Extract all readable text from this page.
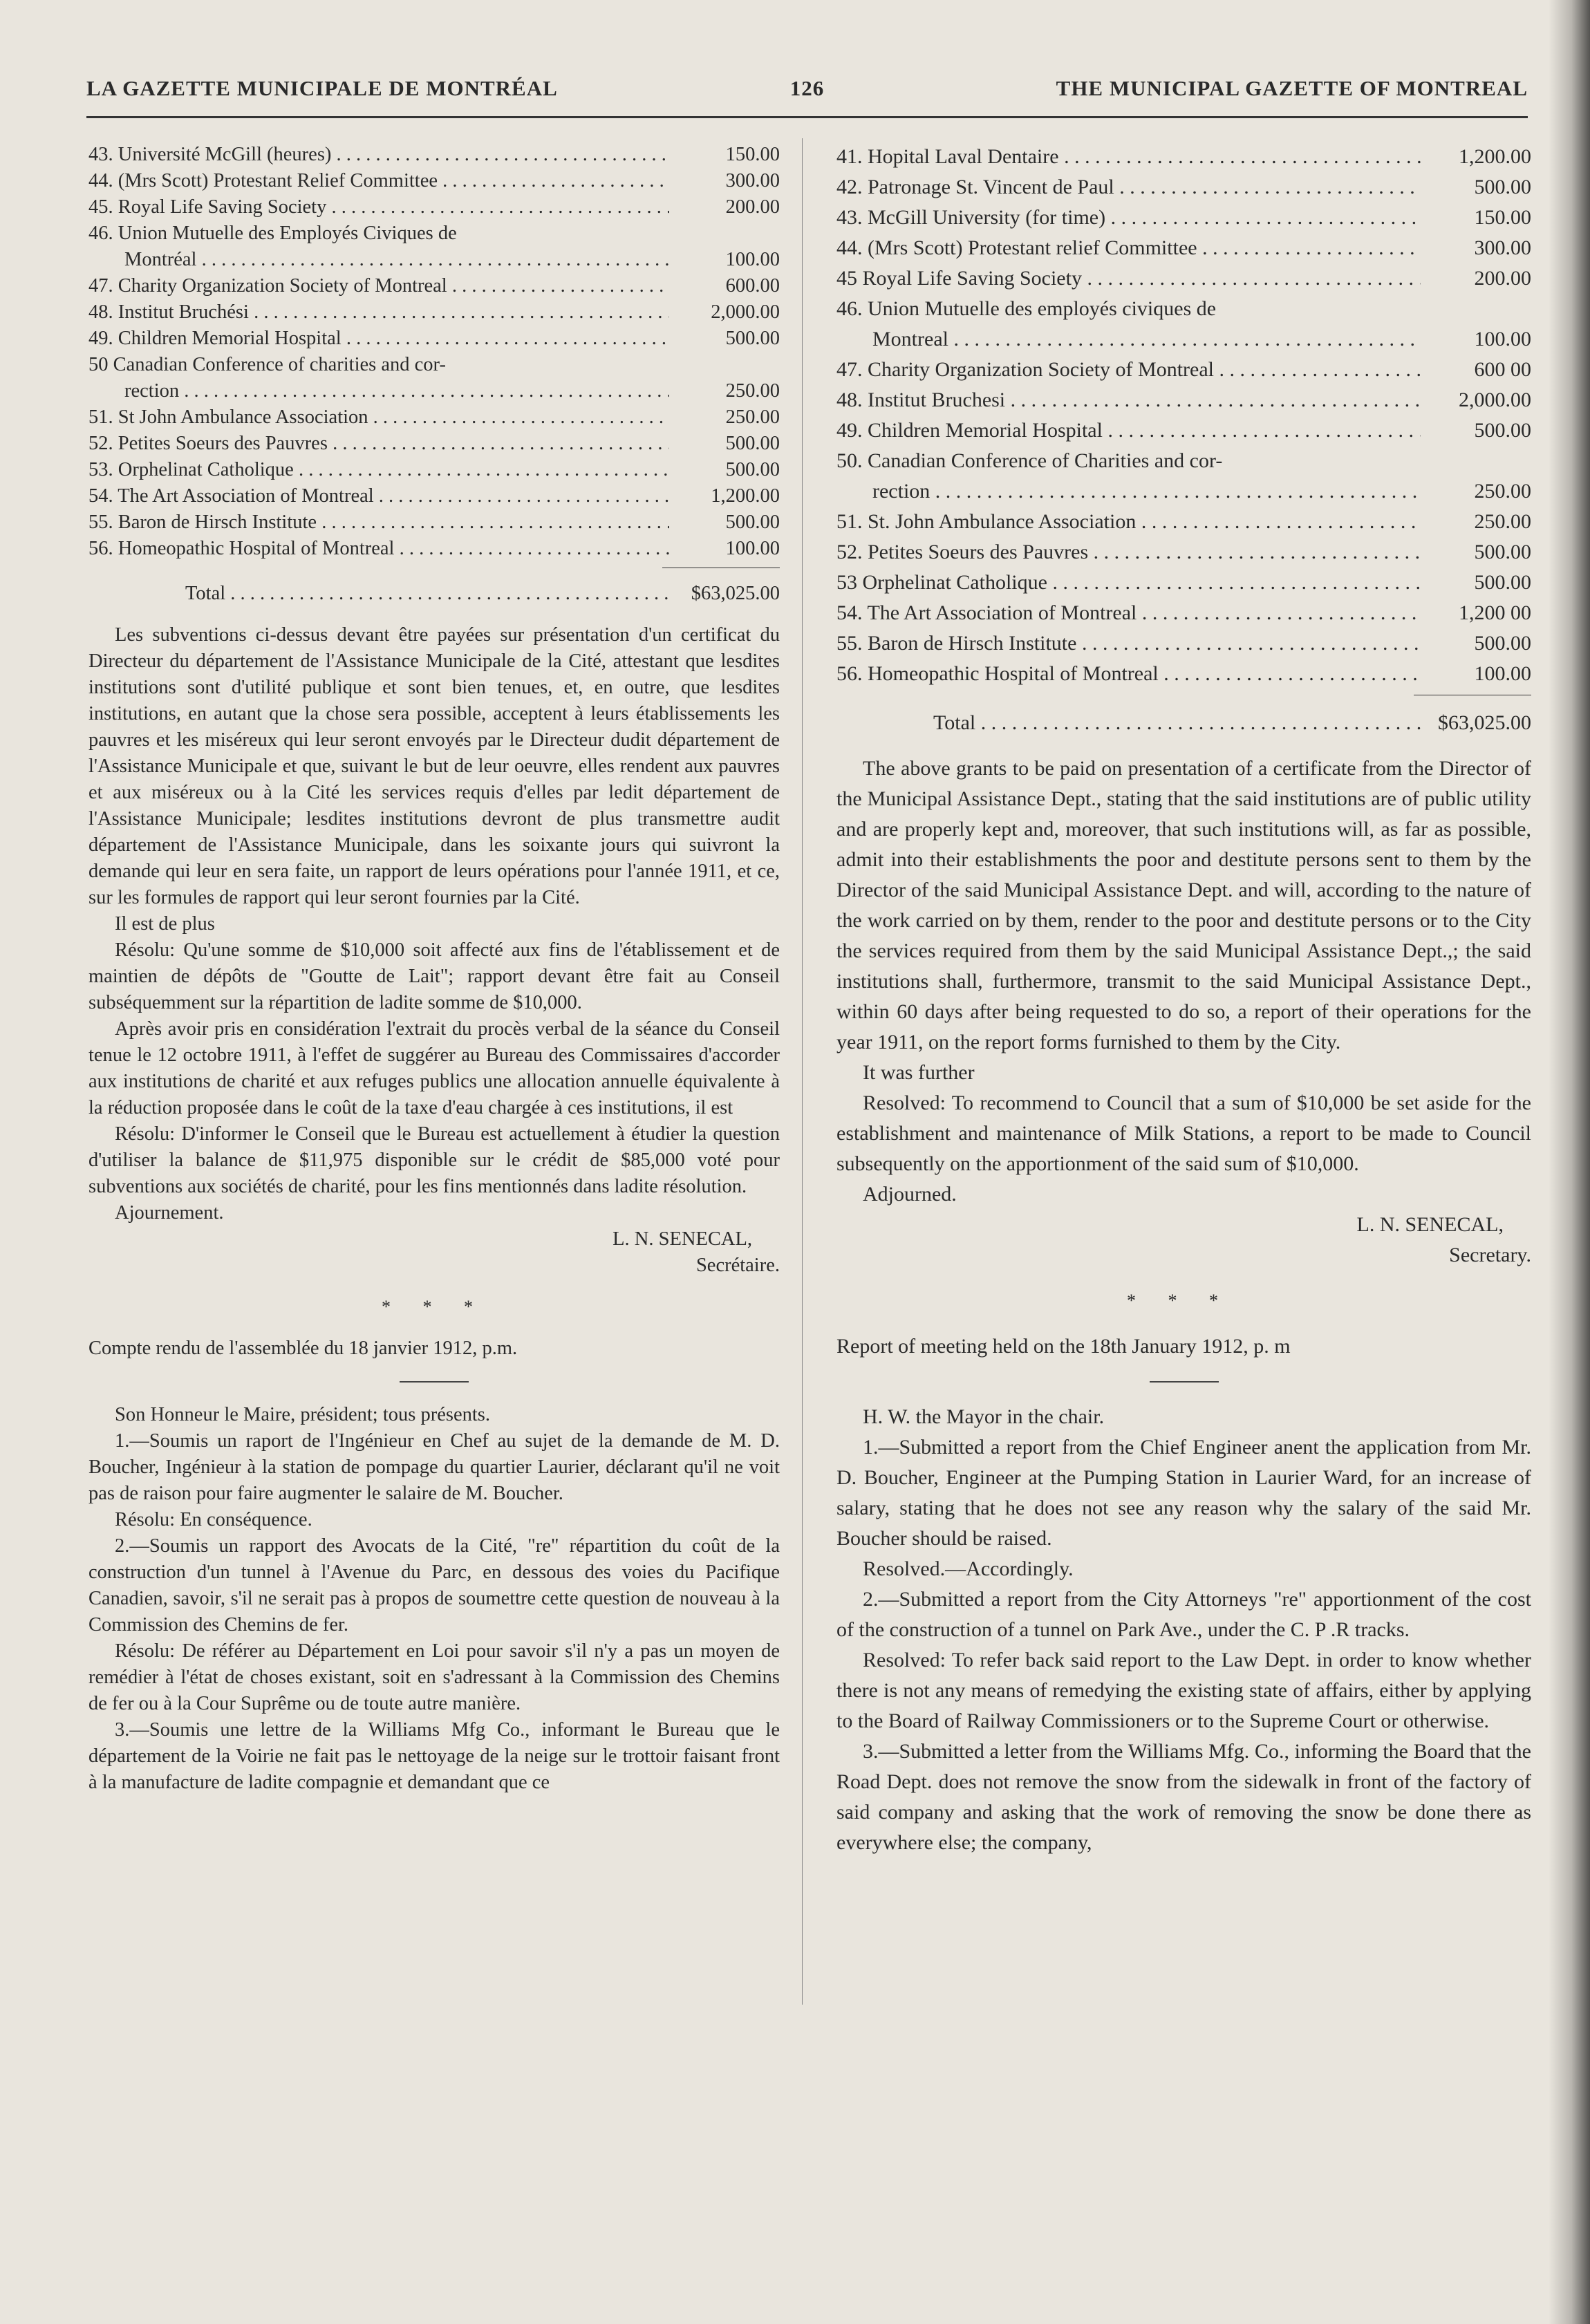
LA GAZETTE MUNICIPALE DE MONTRÉAL	126	THE MUNICIPAL GAZETTE OF MONTREAL
43. Université McGill (heures) . . .	150.00
44. (Mrs Scott) Protestant Relief Committee . . .	300.00
45. Royal Life Saving Society . . .	200.00
46. Union Mutuelle des Employés Civiques de
Montréal . . .	100.00
47. Charity Organization Society of Montreal . . .	600.00
48. Institut Bruchési . . .	2,000.00
49. Children Memorial Hospital . . .	500.00
50 Canadian Conference of charities and cor-
rection . . .	250.00
51. St John Ambulance Association . . .	250.00
52. Petites Soeurs des Pauvres . . .	500.00
53. Orphelinat Catholique . . .	500.00
54. The Art Association of Montreal . . .	1,200.00
55. Baron de Hirsch Institute . . .	500.00
56. Homeopathic Hospital of Montreal . . .	100.00
Total . . .	$63,025.00

Les subventions ci-dessus devant être payées sur présentation d'un certificat du Directeur du département de l'Assistance Municipale de la Cité, attestant que lesdites institutions sont d'utilité publique et sont bien tenues, et, en outre, que lesdites institutions, en autant que la chose sera possible, acceptent à leurs établissements les pauvres et les miséreux qui leur seront envoyés par le Directeur dudit département de l'Assistance Municipale et que, suivant le but de leur oeuvre, elles rendent aux pauvres et aux miséreux ou à la Cité les services requis d'elles par ledit département de l'Assistance Municipale; lesdites institutions devront de plus transmettre audit département de l'Assistance Municipale, dans les soixante jours qui suivront la demande qui leur en sera faite, un rapport de leurs opérations pour l'année 1911, et ce, sur les formules de rapport qui leur seront fournies par la Cité.

Il est de plus

Résolu: Qu'une somme de $10,000 soit affecté aux fins de l'établissement et de maintien de dépôts de "Goutte de Lait"; rapport devant être fait au Conseil subséquemment sur la répartition de ladite somme de $10,000.

Après avoir pris en considération l'extrait du procès verbal de la séance du Conseil tenue le 12 octobre 1911, à l'effet de suggérer au Bureau des Commissaires d'accorder aux institutions de charité et aux refuges publics une allocation annuelle équivalente à la réduction proposée dans le coût de la taxe d'eau chargée à ces institutions, il est

Résolu: D'informer le Conseil que le Bureau est actuellement à étudier la question d'utiliser la balance de $11,975 disponible sur le crédit de $85,000 voté pour subventions aux sociétés de charité, pour les fins mentionnés dans ladite résolution.

Ajournement.

L. N. SENECAL,
Secrétaire.
* * *

Compte rendu de l'assemblée du 18 janvier 1912, p.m.

Son Honneur le Maire, président; tous présents.

1.—Soumis un raport de l'Ingénieur en Chef au sujet de la demande de M. D. Boucher, Ingénieur à la station de pompage du quartier Laurier, déclarant qu'il ne voit pas de raison pour faire augmenter le salaire de M. Boucher.

Résolu: En conséquence.

2.—Soumis un rapport des Avocats de la Cité, "re" répartition du coût de la construction d'un tunnel à l'Avenue du Parc, en dessous des voies du Pacifique Canadien, savoir, s'il ne serait pas à propos de soumettre cette question de nouveau à la Commission des Chemins de fer.

Résolu: De référer au Département en Loi pour savoir s'il n'y a pas un moyen de remédier à l'état de choses existant, soit en s'adressant à la Commission des Chemins de fer ou à la Cour Suprême ou de toute autre manière.

3.—Soumis une lettre de la Williams Mfg Co., informant le Bureau que le département de la Voirie ne fait pas le nettoyage de la neige sur le trottoir faisant front à la manufacture de ladite compagnie et demandant que ce

41. Hopital Laval Dentaire . . .	1,200.00
42. Patronage St. Vincent de Paul . . .	500.00
43. McGill University (for time) . . .	150.00
44. (Mrs Scott) Protestant relief Committee . . .	300.00
45 Royal Life Saving Society . . .	200.00
46. Union Mutuelle des employés civiques de
Montreal . . .	100.00
47. Charity Organization Society of Montreal . . .	600 00
48. Institut Bruchesi . . .	2,000.00
49. Children Memorial Hospital . . .	500.00
50. Canadian Conference of Charities and cor-
rection . . .	250.00
51. St. John Ambulance Association . . .	250.00
52. Petites Soeurs des Pauvres . . .	500.00
53 Orphelinat Catholique . . .	500.00
54. The Art Association of Montreal . . .	1,200 00
55. Baron de Hirsch Institute . . .	500.00
56. Homeopathic Hospital of Montreal . . .	100.00
Total . . .	$63,025.00

The above grants to be paid on presentation of a certificate from the Director of the Municipal Assistance Dept., stating that the said institutions are of public utility and are properly kept and, moreover, that such institutions will, as far as possible, admit into their establishments the poor and destitute persons sent to them by the Director of the said Municipal Assistance Dept. and will, according to the nature of the work carried on by them, render to the poor and destitute persons or to the City the services required from them by the said Municipal Assistance Dept.,; the said institutions shall, furthermore, transmit to the said Municipal Assistance Dept., within 60 days after being requested to do so, a report of their operations for the year 1911, on the report forms furnished to them by the City.

It was further

Resolved: To recommend to Council that a sum of $10,000 be set aside for the establishment and maintenance of Milk Stations, a report to be made to Council subsequently on the apportionment of the said sum of $10,000.

Adjourned.

L. N. SENECAL,
Secretary.
* * *

Report of meeting held on the 18th January 1912, p. m

H. W. the Mayor in the chair.

1.—Submitted a report from the Chief Engineer anent the application from Mr. D. Boucher, Engineer at the Pumping Station in Laurier Ward, for an increase of salary, stating that he does not see any reason why the salary of the said Mr. Boucher should be raised.

Resolved.—Accordingly.

2.—Submitted a report from the City Attorneys "re" apportionment of the cost of the construction of a tunnel on Park Ave., under the C. P .R tracks.

Resolved: To refer back said report to the Law Dept. in order to know whether there is not any means of remedying the existing state of affairs, either by applying to the Board of Railway Commissioners or to the Supreme Court or otherwise.

3.—Submitted a letter from the Williams Mfg. Co., informing the Board that the Road Dept. does not remove the snow from the sidewalk in front of the factory of said company and asking that the work of removing the snow be done there as everywhere else; the company,
